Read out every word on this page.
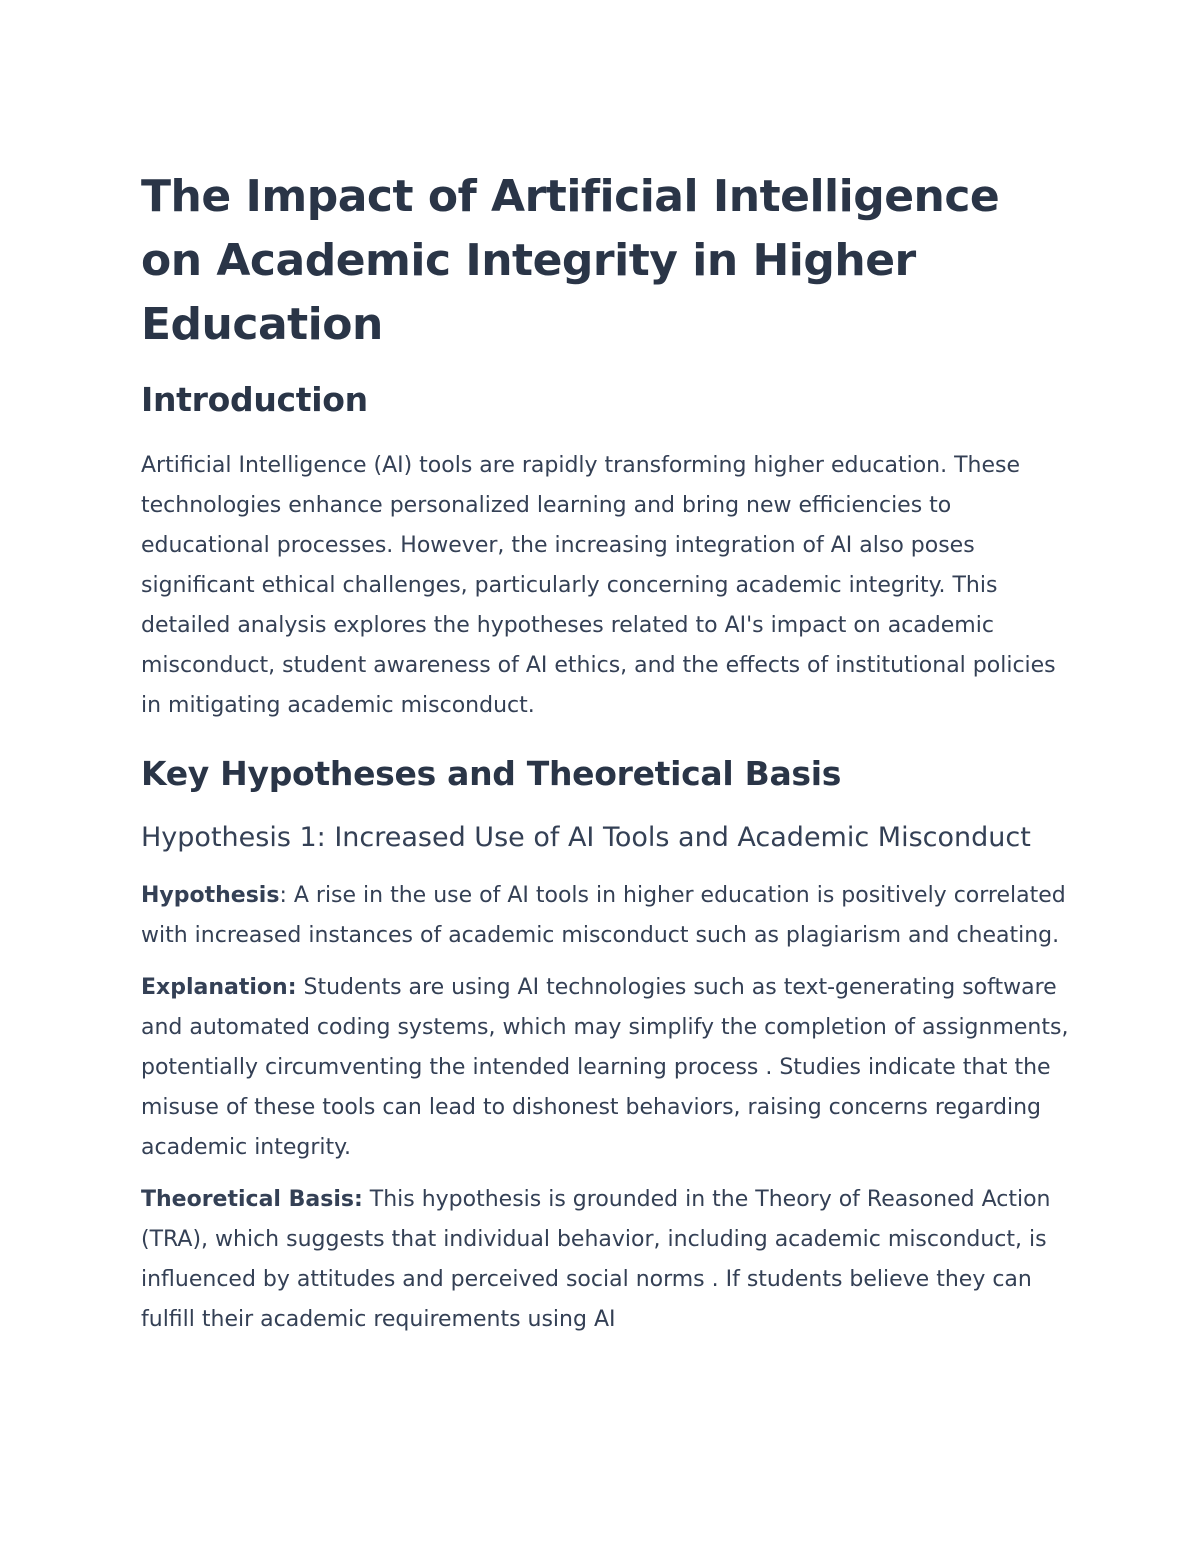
The Impact of Artificial Intelligence on Academic Integrity in Higher Education
Introduction

Artificial Intelligence (AI) tools are rapidly transforming higher education. These technologies enhance personalized learning and bring new efficiencies to educational processes. However, the increasing integration of AI also poses significant ethical challenges, particularly concerning academic integrity. This detailed analysis explores the hypotheses related to AI's impact on academic misconduct, student awareness of AI ethics, and the effects of institutional policies in mitigating academic misconduct.

Key Hypotheses and Theoretical Basis
Hypothesis 1: Increased Use of AI Tools and Academic Misconduct

Hypothesis: A rise in the use of AI tools in higher education is positively correlated with increased instances of academic misconduct such as plagiarism and cheating.

Explanation: Students are using AI technologies such as text-generating software and automated coding systems, which may simplify the completion of assignments, potentially circumventing the intended learning process . Studies indicate that the misuse of these tools can lead to dishonest behaviors, raising concerns regarding academic integrity.

Theoretical Basis: This hypothesis is grounded in the Theory of Reasoned Action (TRA), which suggests that individual behavior, including academic misconduct, is influenced by attitudes and perceived social norms . If students believe they can fulfill their academic requirements using AI
